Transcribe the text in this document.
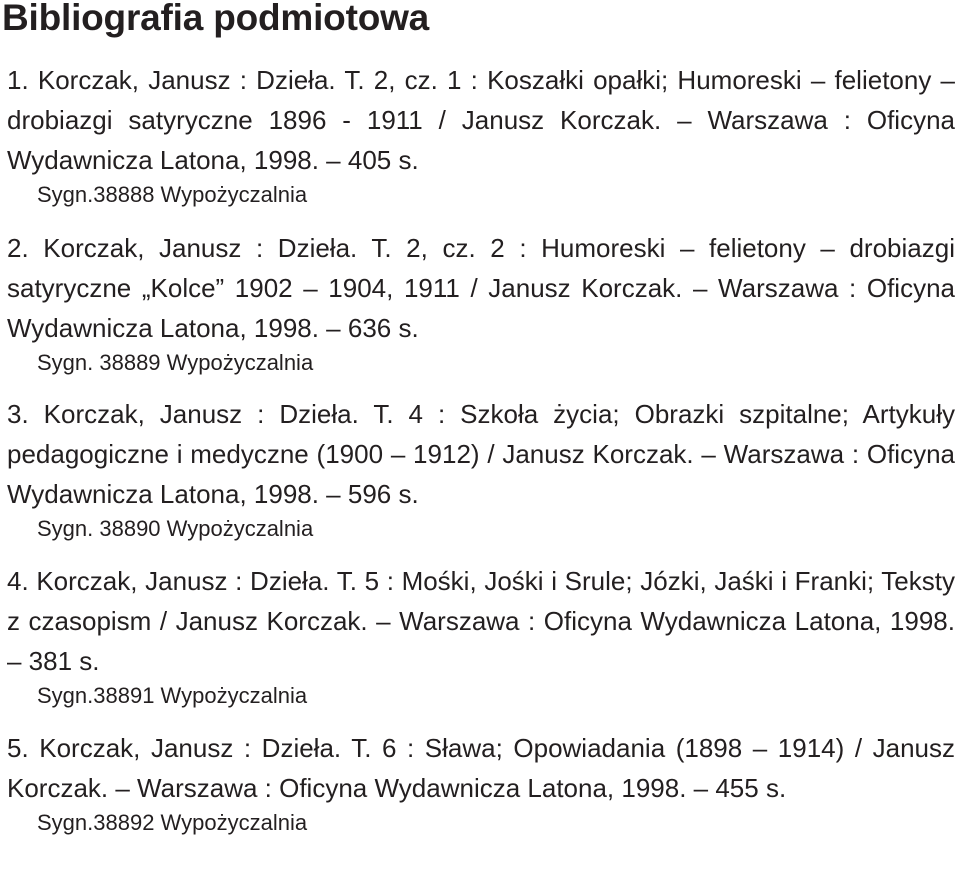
Bibliografia podmiotowa
1. Korczak, Janusz : Dzieła. T. 2, cz. 1 : Koszałki opałki; Humoreski – felietony – drobiazgi satyryczne 1896 - 1911 / Janusz Korczak. – Warszawa : Oficyna Wydawnicza Latona, 1998. – 405 s.
Sygn.38888 Wypożyczalnia
2. Korczak, Janusz : Dzieła. T. 2, cz. 2 : Humoreski – felietony – drobiazgi satyryczne „Kolce” 1902 – 1904, 1911 / Janusz Korczak. – Warszawa : Oficyna Wydawnicza Latona, 1998. – 636 s.
Sygn. 38889 Wypożyczalnia
3. Korczak, Janusz : Dzieła. T. 4 : Szkoła życia; Obrazki szpitalne; Artykuły pedagogiczne i medyczne (1900 – 1912) / Janusz Korczak. – Warszawa : Oficyna Wydawnicza Latona, 1998. – 596 s.
Sygn. 38890 Wypożyczalnia
4. Korczak, Janusz : Dzieła. T. 5 : Mośki, Jośki i Srule; Józki, Jaśki i Franki; Teksty z czasopism / Janusz Korczak. – Warszawa : Oficyna Wydawnicza Latona, 1998. – 381 s.
Sygn.38891 Wypożyczalnia
5. Korczak, Janusz : Dzieła. T. 6 : Sława; Opowiadania (1898 – 1914) / Janusz Korczak. – Warszawa : Oficyna Wydawnicza Latona, 1998. – 455 s.
Sygn.38892 Wypożyczalnia
